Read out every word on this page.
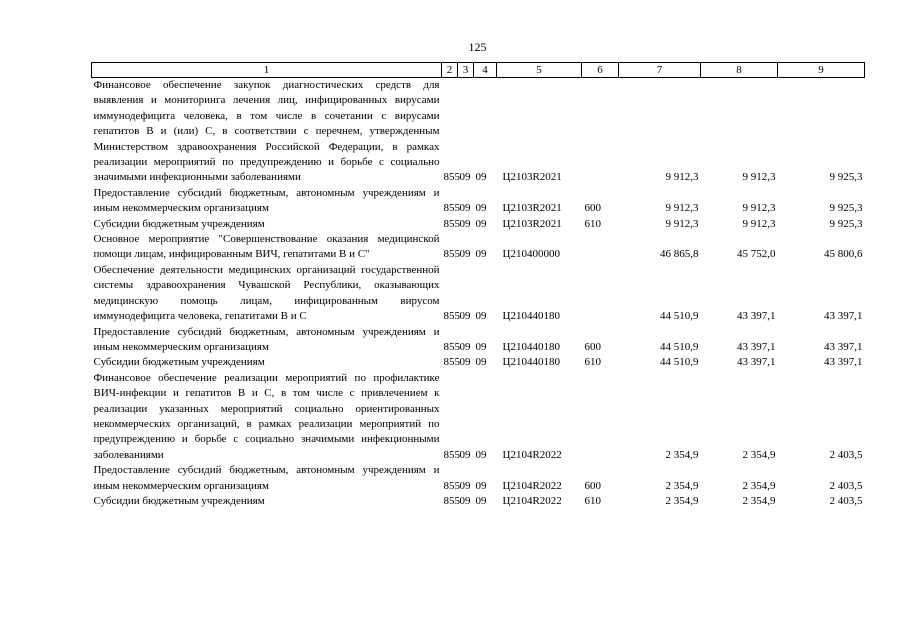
125
1	2	3	4	5	6	7	8	9
Финансовое обеспечение закупок диагностических средств для выявления и мониторинга лечения лиц, инфицированных вирусами иммунодефицита человека, в том числе в сочетании с вирусами гепатитов B и (или) C, в соответствии с перечнем, утвержденным Министерством здравоохранения Российской Федерации, в рамках реализации мероприятий по предупреждению и борьбе с социально значимыми инфекционными заболеваниями	855	09	09	Ц2103R2021		9 912,3	9 912,3	9 925,3
Предоставление субсидий бюджетным, автономным учреждениям и иным некоммерческим организациям	855	09	09	Ц2103R2021	600	9 912,3	9 912,3	9 925,3
Субсидии бюджетным учреждениям	855	09	09	Ц2103R2021	610	9 912,3	9 912,3	9 925,3
Основное мероприятие "Совершенствование оказания медицинской помощи лицам, инфицированным ВИЧ, гепатитами B и C"	855	09	09	Ц210400000		46 865,8	45 752,0	45 800,6
Обеспечение деятельности медицинских организаций государственной системы здравоохранения Чувашской Республики, оказывающих медицинскую помощь лицам, инфицированным вирусом иммунодефицита человека, гепатитами B и C	855	09	09	Ц210440180		44 510,9	43 397,1	43 397,1
Предоставление субсидий бюджетным, автономным учреждениям и иным некоммерческим организациям	855	09	09	Ц210440180	600	44 510,9	43 397,1	43 397,1
Субсидии бюджетным учреждениям	855	09	09	Ц210440180	610	44 510,9	43 397,1	43 397,1
Финансовое обеспечение реализации мероприятий по профилактике ВИЧ-инфекции и гепатитов B и C, в том числе с привлечением к реализации указанных мероприятий социально ориентированных некоммерческих организаций, в рамках реализации мероприятий по предупреждению и борьбе с социально значимыми инфекционными заболеваниями	855	09	09	Ц2104R2022		2 354,9	2 354,9	2 403,5
Предоставление субсидий бюджетным, автономным учреждениям и иным некоммерческим организациям	855	09	09	Ц2104R2022	600	2 354,9	2 354,9	2 403,5
Субсидии бюджетным учреждениям	855	09	09	Ц2104R2022	610	2 354,9	2 354,9	2 403,5
